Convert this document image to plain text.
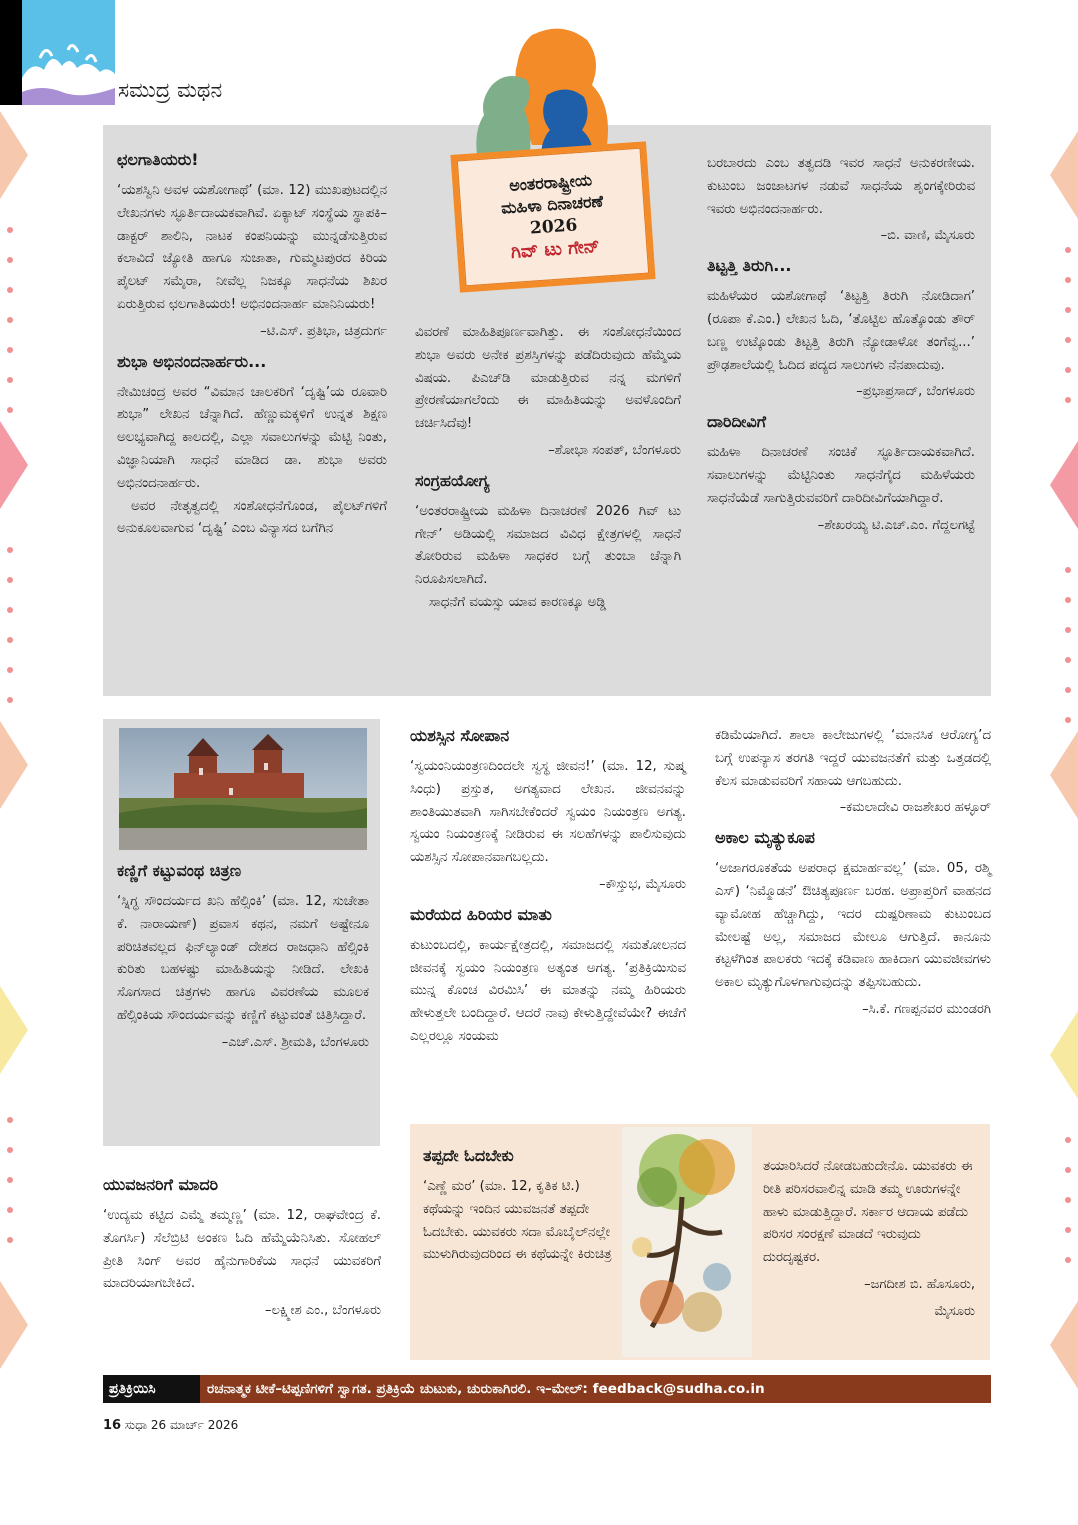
ಸಮುದ್ರ ಮಥನ
ಅಂತರರಾಷ್ಟ್ರೀಯ
ಮಹಿಳಾ ದಿನಾಚರಣೆ
2026
ಗಿವ್ ಟು ಗೇನ್
ಛಲಗಾತಿಯರು!

‘ಯಶಸ್ವಿನಿ ಅವಳ ಯಶೋಗಾಥೆ’ (ಮಾ. 12) ಮುಖಪುಟದಲ್ಲಿನ ಲೇಖನಗಳು ಸ್ಫೂರ್ತಿದಾಯಕವಾಗಿವೆ. ಏಕ್ಯಾಟ್ ಸಂಸ್ಥೆಯ ಸ್ಥಾಪಕಿ–ಡಾಕ್ಟರ್ ಶಾಲಿನಿ, ನಾಟಕ ಕಂಪನಿಯನ್ನು ಮುನ್ನಡೆಸುತ್ತಿರುವ ಕಲಾವಿದೆ ಜ್ಯೋತಿ ಹಾಗೂ ಸುಜಾತಾ, ಗುಮ್ಮಟಪುರದ ಕಿರಿಯ ಪೈಲಟ್ ಸಮೈರಾ, ನೀವೆಲ್ಲ ನಿಜಕ್ಕೂ ಸಾಧನೆಯ ಶಿಖರ ಏರುತ್ತಿರುವ ಛಲಗಾತಿಯರು! ಅಭಿನಂದನಾರ್ಹ ಮಾನಿನಿಯರು!

–ಟಿ.ಎಸ್. ಪ್ರತಿಭಾ, ಚಿತ್ರದುರ್ಗ
ಶುಭಾ ಅಭಿನಂದನಾರ್ಹರು...

ನೇಮಿಚಂದ್ರ ಅವರ “ವಿಮಾನ ಚಾಲಕರಿಗೆ ‘ದೃಷ್ಟಿ’ಯ ರೂವಾರಿ ಶುಭಾ” ಲೇಖನ ಚೆನ್ನಾಗಿದೆ. ಹೆಣ್ಣುಮಕ್ಕಳಿಗೆ ಉನ್ನತ ಶಿಕ್ಷಣ ಅಲಭ್ಯವಾಗಿದ್ದ ಕಾಲದಲ್ಲಿ, ಎಲ್ಲಾ ಸವಾಲುಗಳನ್ನು ಮೆಟ್ಟಿ ನಿಂತು, ವಿಜ್ಞಾನಿಯಾಗಿ ಸಾಧನೆ ಮಾಡಿದ ಡಾ. ಶುಭಾ ಅವರು ಅಭಿನಂದನಾರ್ಹರು.

ಅವರ ನೇತೃತ್ವದಲ್ಲಿ ಸಂಶೋಧನೆಗೊಂಡ, ಪೈಲಟ್‌ಗಳಿಗೆ ಅನುಕೂಲವಾಗುವ ‘ದೃಷ್ಟಿ’ ಎಂಬ ವಿನ್ಯಾಸದ ಬಗೆಗಿನ

ವಿವರಣೆ ಮಾಹಿತಿಪೂರ್ಣವಾಗಿತ್ತು. ಈ ಸಂಶೋಧನೆಯಿಂದ ಶುಭಾ ಅವರು ಅನೇಕ ಪ್ರಶಸ್ತಿಗಳನ್ನು ಪಡೆದಿರುವುದು ಹೆಮ್ಮೆಯ ವಿಷಯ. ಪಿಎಚ್‌ಡಿ ಮಾಡುತ್ತಿರುವ ನನ್ನ ಮಗಳಿಗೆ ಪ್ರೇರಣೆಯಾಗಲೆಂದು ಈ ಮಾಹಿತಿಯನ್ನು ಅವಳೊಂದಿಗೆ ಚರ್ಚಿಸಿದೆವು!

–ಶೋಭಾ ಸಂಪತ್, ಬೆಂಗಳೂರು
ಸಂಗ್ರಹಯೋಗ್ಯ

‘ಅಂತರರಾಷ್ಟ್ರೀಯ ಮಹಿಳಾ ದಿನಾಚರಣೆ 2026 ಗಿವ್ ಟು ಗೇನ್’ ಅಡಿಯಲ್ಲಿ ಸಮಾಜದ ವಿವಿಧ ಕ್ಷೇತ್ರಗಳಲ್ಲಿ ಸಾಧನೆ ತೋರಿರುವ ಮಹಿಳಾ ಸಾಧಕರ ಬಗ್ಗೆ ತುಂಬಾ ಚೆನ್ನಾಗಿ ನಿರೂಪಿಸಲಾಗಿದೆ.

ಸಾಧನೆಗೆ ವಯಸ್ಸು ಯಾವ ಕಾರಣಕ್ಕೂ ಅಡ್ಡಿ

ಬರಬಾರದು ಎಂಬ ತತ್ವದಡಿ ಇವರ ಸಾಧನೆ ಅನುಕರಣೀಯ. ಕುಟುಂಬ ಜಂಜಾಟಗಳ ನಡುವೆ ಸಾಧನೆಯ ಶೃಂಗಕ್ಕೇರಿರುವ ಇವರು ಅಭಿನಂದನಾರ್ಹರು.

–ಬಿ. ವಾಣಿ, ಮೈಸೂರು
ತಿಟ್ಟತ್ತಿ ತಿರುಗಿ...

ಮಹಿಳೆಯರ ಯಶೋಗಾಥೆ ‘ತಿಟ್ಟತ್ತಿ ತಿರುಗಿ ನೋಡಿದಾಗ’ (ರೂಪಾ ಕೆ.ಎಂ.) ಲೇಖನ ಓದಿ, ‘ತೊಟ್ಟಿಲ ಹೊತ್ಕೊಂಡು ತೌರ್ ಬಣ್ಣ ಉಟ್ಕೊಂಡು ತಿಟ್ಟತ್ತಿ ತಿರುಗಿ ನ್ಯೋಡಾಳೋ ತಂಗೆವ್ವ...’ ಪ್ರೌಢಶಾಲೆಯಲ್ಲಿ ಓದಿದ ಪದ್ಯದ ಸಾಲುಗಳು ನೆನಪಾದುವು.

–ಪ್ರಭಾಪ್ರಸಾದ್, ಬೆಂಗಳೂರು
ದಾರಿದೀವಿಗೆ

ಮಹಿಳಾ ದಿನಾಚರಣೆ ಸಂಚಿಕೆ ಸ್ಫೂರ್ತಿದಾಯಕವಾಗಿದೆ. ಸವಾಲುಗಳನ್ನು ಮೆಟ್ಟಿನಿಂತು ಸಾಧನೆಗೈದ ಮಹಿಳೆಯರು ಸಾಧನೆಯೆಡೆ ಸಾಗುತ್ತಿರುವವರಿಗೆ ದಾರಿದೀವಿಗೆಯಾಗಿದ್ದಾರೆ.

–ಶೇಖರಯ್ಯ ಟಿ.ಎಚ್.ಎಂ. ಗೆದ್ದಲಗಟ್ಟೆ
ಕಣ್ಣಿಗೆ ಕಟ್ಟುವಂಥ ಚಿತ್ರಣ

‘ಸ್ನಿಗ್ಧ ಸೌಂದರ್ಯದ ಖನಿ ಹೆಲ್ಸಿಂಕಿ’ (ಮಾ. 12, ಸುಚೇತಾ ಕೆ. ನಾರಾಯಣ್) ಪ್ರವಾಸ ಕಥನ, ನಮಗೆ ಅಷ್ಟೇನೂ ಪರಿಚಿತವಲ್ಲದ ಫಿನ್‌ಲ್ಯಾಂಡ್ ದೇಶದ ರಾಜಧಾನಿ ಹೆಲ್ಸಿಂಕಿ ಕುರಿತು ಬಹಳಷ್ಟು ಮಾಹಿತಿಯನ್ನು ನೀಡಿದೆ. ಲೇಖಕಿ ಸೊಗಸಾದ ಚಿತ್ರಗಳು ಹಾಗೂ ವಿವರಣೆಯ ಮೂಲಕ ಹೆಲ್ಸಿಂಕಿಯ ಸೌಂದರ್ಯವನ್ನು ಕಣ್ಣಿಗೆ ಕಟ್ಟುವಂತೆ ಚಿತ್ರಿಸಿದ್ದಾರೆ.

–ಎಚ್.ಎಸ್. ಶ್ರೀಮತಿ, ಬೆಂಗಳೂರು
ಯುವಜನರಿಗೆ ಮಾದರಿ

‘ಉದ್ಯಮ ಕಟ್ಟಿದ ಎಮ್ಮೆ ತಮ್ಮಣ್ಣ’ (ಮಾ. 12, ರಾಘವೇಂದ್ರ ಕೆ. ತೊಗರ್ಸಿ) ಸೆಲೆಬ್ರಿಟಿ ಅಂಕಣ ಓದಿ ಹೆಮ್ಮೆಯೆನಿಸಿತು. ಸೋಹಲ್ ಪ್ರೀತಿ ಸಿಂಗ್ ಅವರ ಹೈನುಗಾರಿಕೆಯ ಸಾಧನೆ ಯುವಕರಿಗೆ ಮಾದರಿಯಾಗಬೇಕಿದೆ.

–ಲಕ್ಷ್ಮೀಶ ಎಂ., ಬೆಂಗಳೂರು
ಯಶಸ್ಸಿನ ಸೋಪಾನ

‘ಸ್ವಯಂನಿಯಂತ್ರಣದಿಂದಲೇ ಸ್ವಸ್ಥ ಜೀವನ!’ (ಮಾ. 12, ಸುಷ್ಮ ಸಿಂಧು) ಪ್ರಸ್ತುತ, ಅಗತ್ಯವಾದ ಲೇಖನ. ಜೀವನವನ್ನು ಶಾಂತಿಯುತವಾಗಿ ಸಾಗಿಸಬೇಕೆಂದರೆ ಸ್ವಯಂ ನಿಯಂತ್ರಣ ಅಗತ್ಯ. ಸ್ವಯಂ ನಿಯಂತ್ರಣಕ್ಕೆ ನೀಡಿರುವ ಈ ಸಲಹೆಗಳನ್ನು ಪಾಲಿಸುವುದು ಯಶಸ್ಸಿನ ಸೋಪಾನವಾಗಬಲ್ಲದು.

–ಕೌಸ್ತುಭ, ಮೈಸೂರು
ಮರೆಯದ ಹಿರಿಯರ ಮಾತು

ಕುಟುಂಬದಲ್ಲಿ, ಕಾರ್ಯಕ್ಷೇತ್ರದಲ್ಲಿ, ಸಮಾಜದಲ್ಲಿ ಸಮತೋಲನದ ಜೀವನಕ್ಕೆ ಸ್ವಯಂ ನಿಯಂತ್ರಣ ಅತ್ಯಂತ ಅಗತ್ಯ. ‘ಪ್ರತಿಕ್ರಿಯಿಸುವ ಮುನ್ನ ಕೊಂಚ ವಿರಮಿಸಿ’ ಈ ಮಾತನ್ನು ನಮ್ಮ ಹಿರಿಯರು ಹೇಳುತ್ತಲೇ ಬಂದಿದ್ದಾರೆ. ಆದರೆ ನಾವು ಕೇಳುತ್ತಿದ್ದೇವೆಯೇ? ಈಚೆಗೆ ಎಲ್ಲರಲ್ಲೂ ಸಂಯಮ

ಕಡಿಮೆಯಾಗಿದೆ. ಶಾಲಾ ಕಾಲೇಜುಗಳಲ್ಲಿ ‘ಮಾನಸಿಕ ಆರೋಗ್ಯ’ದ ಬಗ್ಗೆ ಉಪನ್ಯಾಸ ತರಗತಿ ಇದ್ದರೆ ಯುವಜನತೆಗೆ ಮತ್ತು ಒತ್ತಡದಲ್ಲಿ ಕೆಲಸ ಮಾಡುವವರಿಗೆ ಸಹಾಯ ಆಗಬಹುದು.

–ಕಮಲಾದೇವಿ ರಾಜಶೇಖರ ಹಳ್ಳೂರ್
ಅಕಾಲ ಮೃತ್ಯುಕೂಪ

‘ಅಜಾಗರೂಕತೆಯ ಅಪರಾಧ ಕ್ಷಮಾರ್ಹವಲ್ಲ’ (ಮಾ. 05, ರಶ್ಮಿ ಎಸ್) ‘ನಿಮ್ಮೊಡನೆ’ ಔಚಿತ್ಯಪೂರ್ಣ ಬರಹ. ಅಪ್ರಾಪ್ತರಿಗೆ ವಾಹನದ ವ್ಯಾಮೋಹ ಹೆಚ್ಚಾಗಿದ್ದು, ಇದರ ದುಷ್ಪರಿಣಾಮ ಕುಟುಂಬದ ಮೇಲಷ್ಟೆ ಅಲ್ಲ, ಸಮಾಜದ ಮೇಲೂ ಆಗುತ್ತಿದೆ. ಕಾನೂನು ಕಟ್ಟಳೆಗಿಂತ ಪಾಲಕರು ಇದಕ್ಕೆ ಕಡಿವಾಣ ಹಾಕಿದಾಗ ಯುವಜೀವಗಳು ಅಕಾಲ ಮೃತ್ಯುಗೊಳಗಾಗುವುದನ್ನು ತಪ್ಪಿಸಬಹುದು.

–ಸಿ.ಕೆ. ಗಣಪ್ಪನವರ ಮುಂಡರಗಿ
ತಪ್ಪದೇ ಓದಬೇಕು

‘ಎಣ್ಣೆ ಮರ’ (ಮಾ. 12, ಕೃತಿಕ ಟಿ.) ಕಥೆಯನ್ನು ಇಂದಿನ ಯುವಜನತೆ ತಪ್ಪದೇ ಓದಬೇಕು. ಯುವಕರು ಸದಾ ಮೊಬೈಲ್‌ನಲ್ಲೇ ಮುಳುಗಿರುವುದರಿಂದ ಈ ಕಥೆಯನ್ನೇ ಕಿರುಚಿತ್ರ

ತಯಾರಿಸಿದರೆ ನೋಡಬಹುದೇನೊ. ಯುವಕರು ಈ ರೀತಿ ಪರಿಸರವಾಲಿನ್ನ ಮಾಡಿ ತಮ್ಮ ಊರುಗಳನ್ನೇ ಹಾಳು ಮಾಡುತ್ತಿದ್ದಾರೆ. ಸರ್ಕಾರ ಆದಾಯ ಪಡೆದು ಪರಿಸರ ಸಂರಕ್ಷಣೆ ಮಾಡದೆ ಇರುವುದು ದುರದೃಷ್ಟಕರ.

–ಜಗದೀಶ ಬಿ. ಹೊಸೂರು,
ಮೈಸೂರು
ಪ್ರತಿಕ್ರಿಯಿಸಿ	ರಚನಾತ್ಮಕ ಟೀಕೆ–ಟಿಪ್ಪಣಿಗಳಿಗೆ ಸ್ವಾಗತ. ಪ್ರತಿಕ್ರಿಯೆ ಚುಟುಕು, ಚುರುಕಾಗಿರಲಿ. ಇ–ಮೇಲ್: feedback@sudha.co.in
16 ಸುಧಾ 26 ಮಾರ್ಚ್ 2026
